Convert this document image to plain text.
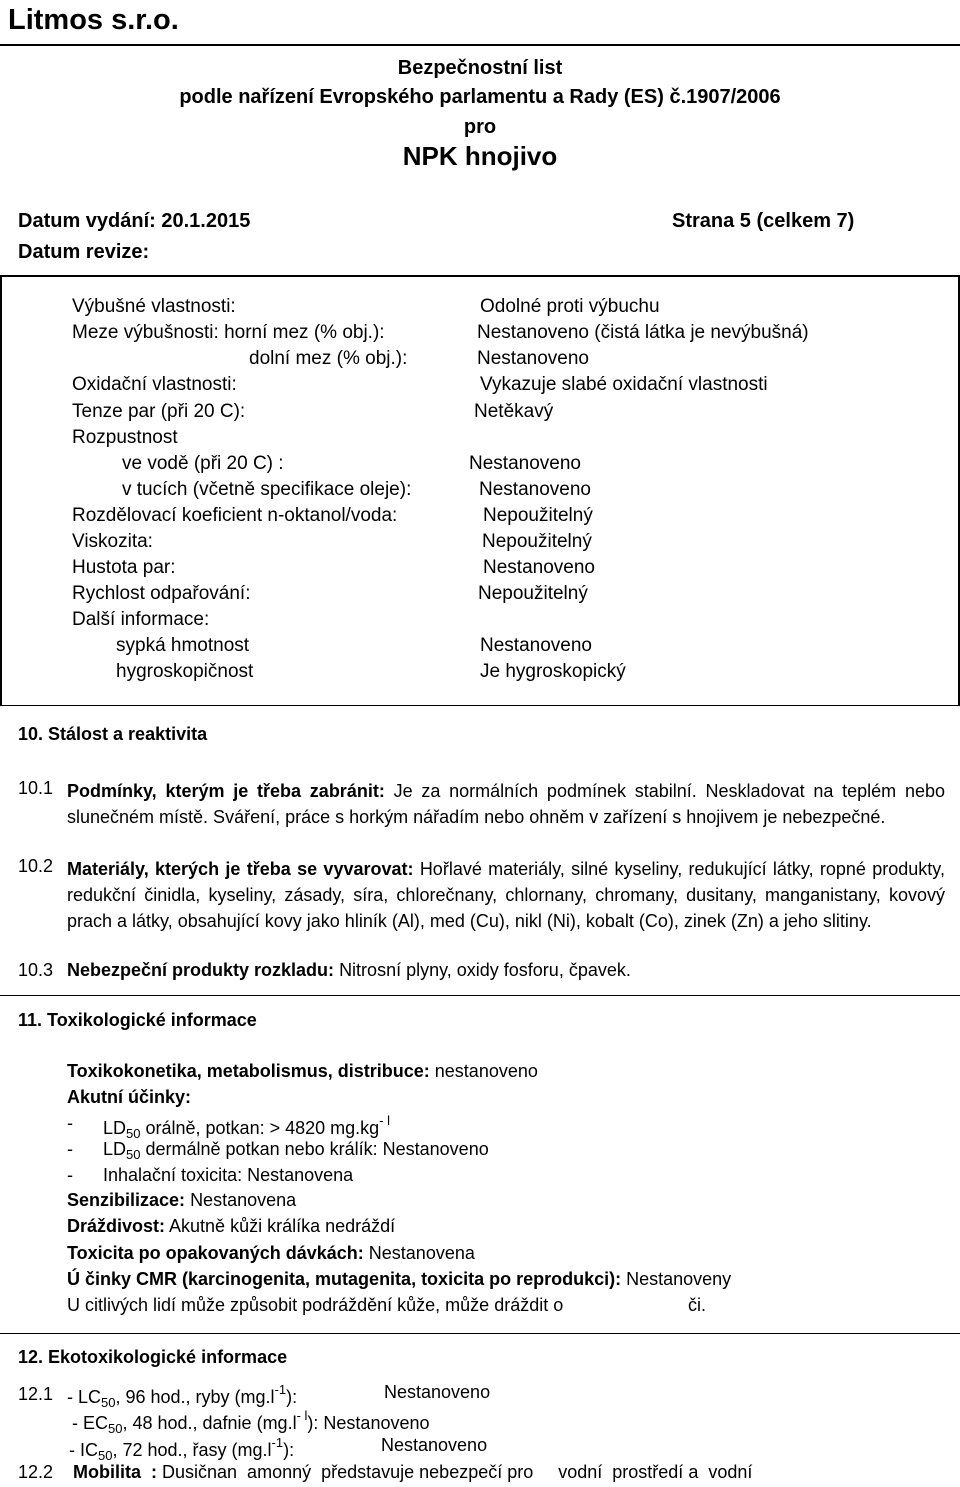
Litmos s.r.o.
Bezpečnostní list
podle nařízení Evropského parlamentu a Rady (ES) č.1907/2006
pro
NPK hnojivo
Datum vydání: 20.1.2015	Strana 5 (celkem 7)
Datum revize:
Výbušné vlastnosti:	Odolné proti výbuchu
Meze výbušnosti: horní mez (% obj.):	Nestanoveno (čistá látka je nevýbušná)
dolní mez (% obj.):	Nestanoveno
Oxidační vlastnosti:	Vykazuje slabé oxidační vlastnosti
Tenze par (při 20 C):	Netěkavý
Rozpustnost
ve vodě (při 20 C) :	Nestanoveno
v tucích (včetně specifikace oleje):	Nestanoveno
Rozdělovací koeficient n-oktanol/voda:	Nepoužitelný
Viskozita:	Nepoužitelný
Hustota par:	Nestanoveno
Rychlost odpařování:	Nepoužitelný
Další informace:
sypká hmotnost	Nestanoveno
hygroskopičnost	Je hygroskopický
10. Stálost a reaktivita
10.1 Podmínky, kterým je třeba zabránit: Je za normálních podmínek stabilní. Neskladovat na teplém nebo slunečném místě. Sváření, práce s horkým nářadím nebo ohněm v zařízení s hnojivem je nebezpečné.
10.2 Materiály, kterých je třeba se vyvarovat: Hořlavé materiály, silné kyseliny, redukující látky, ropné produkty, redukční činidla, kyseliny, zásady, síra, chlorečnany, chlornany, chromany, dusitany, manganistany, kovový prach a látky, obsahující kovy jako hliník (Al), med (Cu), nikl (Ni), kobalt (Co), zinek (Zn) a jeho slitiny.
10.3 Nebezpeční produkty rozkladu: Nitrosní plyny, oxidy fosforu, čpavek.
11. Toxikologické informace
Toxikokonetika, metabolismus, distribuce: nestanoveno
Akutní účinky:
- $LD_{50}$ orálně, potkan: > 4820 $mg.kg^{- l}$
- $LD_{50}$ dermálně potkan nebo králík: Nestanoveno
- Inhalační toxicita: Nestanovena
Senzibilizace: Nestanovena
Dráždivost: Akutně kůži králíka nedráždí
Toxicita po opakovaných dávkách: Nestanovena
Ú činky CMR (karcinogenita, mutagenita, toxicita po reprodukci): Nestanoveny
U citlivých lidí může způsobit podráždění kůže, může dráždit o	či.
12. Ekotoxikologické informace
$12.1 - LC_{50}$, 96 hod., ryby $(mg.l^{-1})$:	Nestanoveno
- $EC_{50}$, 48 hod., dafnie $(mg.l^{- l})$: Nestanoveno
- $IC_{50}$, 72 hod., řasy $(mg.l^{-1})$:	Nestanoveno
12.2 Mobilita  : Dusičnan  amonný  představuje nebezpečí pro     vodní  prostředí a  vodní
